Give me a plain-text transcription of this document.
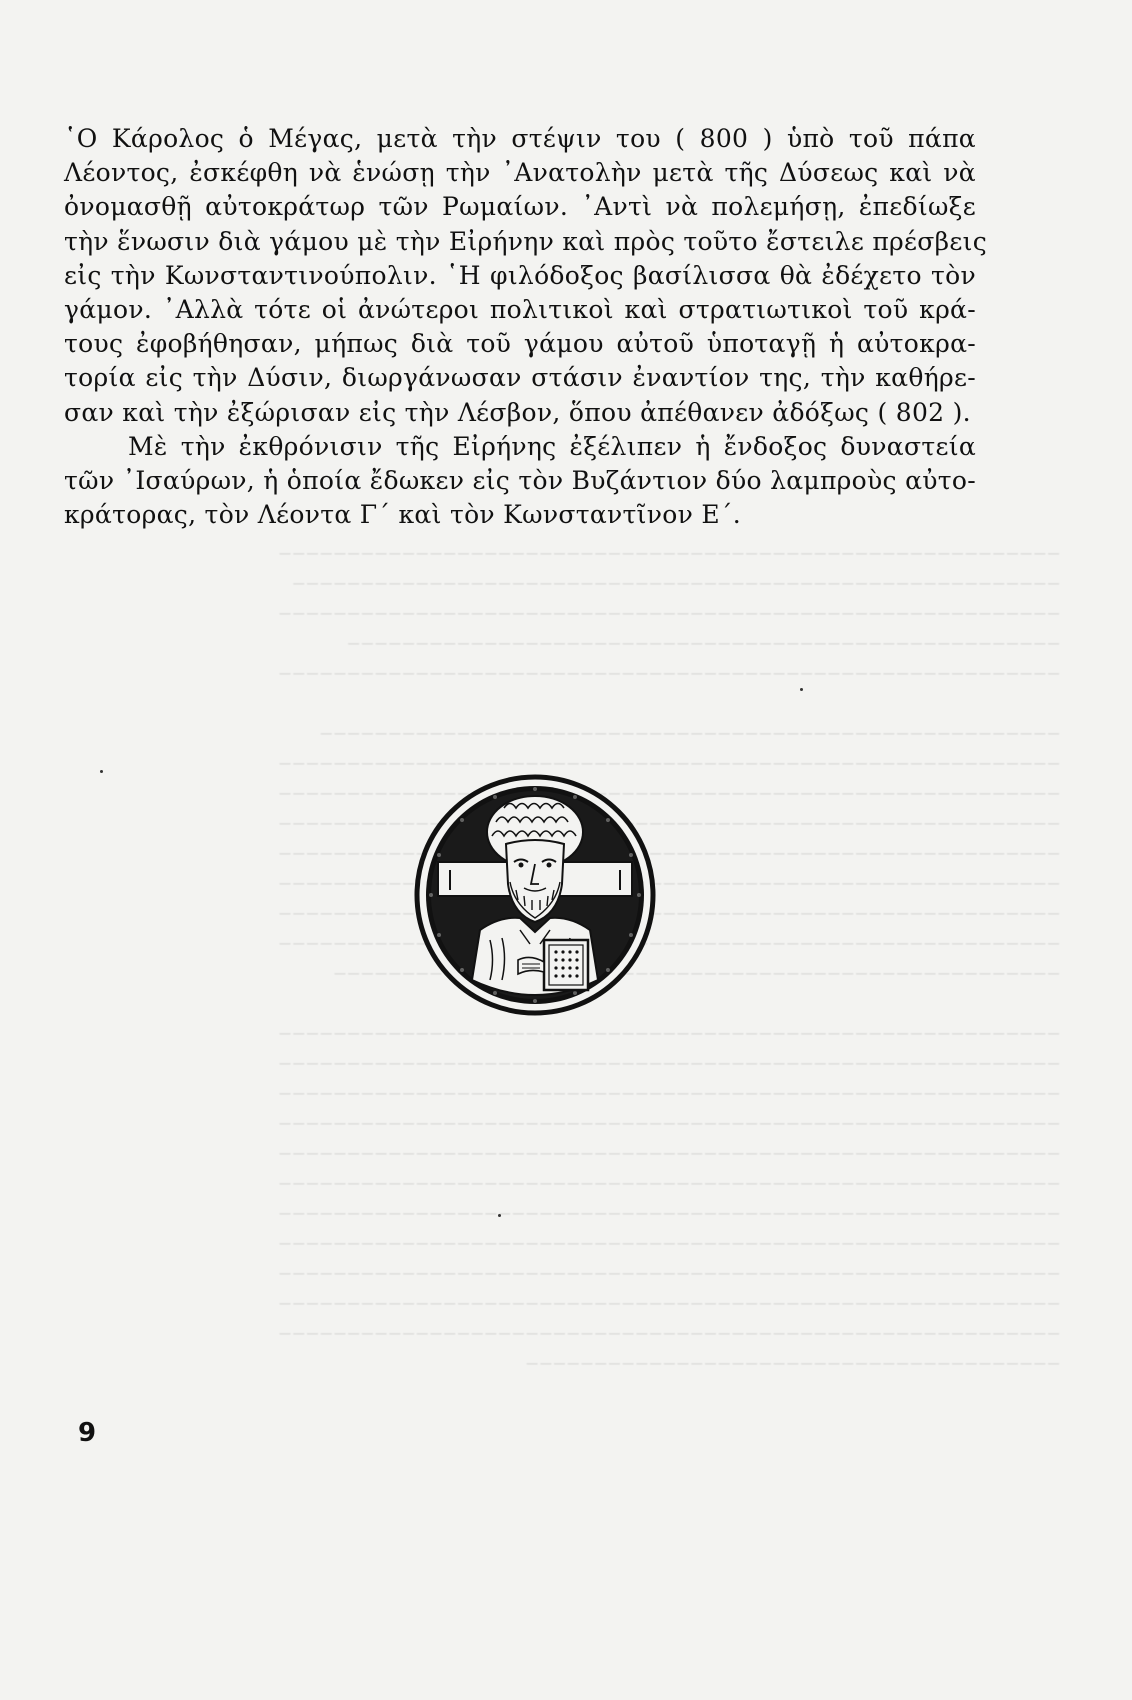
‒‒‒‒‒‒‒‒‒‒‒‒‒‒‒‒‒‒‒‒‒‒‒‒‒‒‒‒‒‒‒‒‒‒‒‒‒‒‒‒‒‒‒‒‒‒‒‒‒‒‒‒‒‒‒‒‒
‒‒‒‒‒‒‒‒‒‒‒‒‒‒‒‒‒‒‒‒‒‒‒‒‒‒‒‒‒‒‒‒‒‒‒‒‒‒‒‒‒‒‒‒‒‒‒‒‒‒‒‒‒‒‒‒
‒‒‒‒‒‒‒‒‒‒‒‒‒‒‒‒‒‒‒‒‒‒‒‒‒‒‒‒‒‒‒‒‒‒‒‒‒‒‒‒‒‒‒‒‒‒‒‒‒‒‒‒‒‒‒‒‒
‒‒‒‒‒‒‒‒‒‒‒‒‒‒‒‒‒‒‒‒‒‒‒‒‒‒‒‒‒‒‒‒‒‒‒‒‒‒‒‒‒‒‒‒‒‒‒‒‒‒‒‒
‒‒‒‒‒‒‒‒‒‒‒‒‒‒‒‒‒‒‒‒‒‒‒‒‒‒‒‒‒‒‒‒‒‒‒‒‒‒‒‒‒‒‒‒‒‒‒‒‒‒‒‒‒‒‒‒‒

‒‒‒‒‒‒‒‒‒‒‒‒‒‒‒‒‒‒‒‒‒‒‒‒‒‒‒‒‒‒‒‒‒‒‒‒‒‒‒‒‒‒‒‒‒‒‒‒‒‒‒‒‒‒
‒‒‒‒‒‒‒‒‒‒‒‒‒‒‒‒‒‒‒‒‒‒‒‒‒‒‒‒‒‒‒‒‒‒‒‒‒‒‒‒‒‒‒‒‒‒‒‒‒‒‒‒‒‒‒‒‒
‒‒‒‒‒‒‒‒‒‒‒‒‒‒‒‒‒‒‒‒‒‒‒‒‒‒‒‒‒‒‒‒‒‒‒‒‒‒‒‒‒‒‒‒‒‒‒‒‒‒‒‒‒‒‒‒‒
‒‒‒‒‒‒‒‒‒‒‒‒‒‒‒‒‒‒‒‒‒‒‒‒‒‒‒‒‒‒‒‒‒‒‒‒‒‒‒‒‒‒‒‒‒‒‒‒‒‒‒‒‒‒‒‒‒
‒‒‒‒‒‒‒‒‒‒‒‒‒‒‒‒‒‒‒‒‒‒‒‒‒‒‒‒‒‒‒‒‒‒‒‒‒‒‒‒‒‒‒‒‒‒‒‒‒‒‒‒‒‒‒‒‒
‒‒‒‒‒‒‒‒‒‒‒‒‒‒‒‒‒‒‒‒‒‒‒‒‒‒‒‒‒‒‒‒‒‒‒‒‒‒‒‒‒‒‒‒‒‒‒‒‒‒‒‒‒‒‒‒‒
‒‒‒‒‒‒‒‒‒‒‒‒‒‒‒‒‒‒‒‒‒‒‒‒‒‒‒‒‒‒‒‒‒‒‒‒‒‒‒‒‒‒‒‒‒‒‒‒‒‒‒‒‒‒‒‒‒
‒‒‒‒‒‒‒‒‒‒‒‒‒‒‒‒‒‒‒‒‒‒‒‒‒‒‒‒‒‒‒‒‒‒‒‒‒‒‒‒‒‒‒‒‒‒‒‒‒‒‒‒‒‒‒‒‒
‒‒‒‒‒‒‒‒‒‒‒‒‒‒‒‒‒‒‒‒‒‒‒‒‒‒‒‒‒‒‒‒‒‒‒‒‒‒‒‒‒‒‒‒‒‒‒‒‒‒‒‒‒

‒‒‒‒‒‒‒‒‒‒‒‒‒‒‒‒‒‒‒‒‒‒‒‒‒‒‒‒‒‒‒‒‒‒‒‒‒‒‒‒‒‒‒‒‒‒‒‒‒‒‒‒‒‒‒‒‒
‒‒‒‒‒‒‒‒‒‒‒‒‒‒‒‒‒‒‒‒‒‒‒‒‒‒‒‒‒‒‒‒‒‒‒‒‒‒‒‒‒‒‒‒‒‒‒‒‒‒‒‒‒‒‒‒‒
‒‒‒‒‒‒‒‒‒‒‒‒‒‒‒‒‒‒‒‒‒‒‒‒‒‒‒‒‒‒‒‒‒‒‒‒‒‒‒‒‒‒‒‒‒‒‒‒‒‒‒‒‒‒‒‒‒
‒‒‒‒‒‒‒‒‒‒‒‒‒‒‒‒‒‒‒‒‒‒‒‒‒‒‒‒‒‒‒‒‒‒‒‒‒‒‒‒‒‒‒‒‒‒‒‒‒‒‒‒‒‒‒‒‒
‒‒‒‒‒‒‒‒‒‒‒‒‒‒‒‒‒‒‒‒‒‒‒‒‒‒‒‒‒‒‒‒‒‒‒‒‒‒‒‒‒‒‒‒‒‒‒‒‒‒‒‒‒‒‒‒‒
‒‒‒‒‒‒‒‒‒‒‒‒‒‒‒‒‒‒‒‒‒‒‒‒‒‒‒‒‒‒‒‒‒‒‒‒‒‒‒‒‒‒‒‒‒‒‒‒‒‒‒‒‒‒‒‒‒
‒‒‒‒‒‒‒‒‒‒‒‒‒‒‒‒‒‒‒‒‒‒‒‒‒‒‒‒‒‒‒‒‒‒‒‒‒‒‒‒‒‒‒‒‒‒‒‒‒‒‒‒‒‒‒‒‒
‒‒‒‒‒‒‒‒‒‒‒‒‒‒‒‒‒‒‒‒‒‒‒‒‒‒‒‒‒‒‒‒‒‒‒‒‒‒‒‒‒‒‒‒‒‒‒‒‒‒‒‒‒‒‒‒‒
‒‒‒‒‒‒‒‒‒‒‒‒‒‒‒‒‒‒‒‒‒‒‒‒‒‒‒‒‒‒‒‒‒‒‒‒‒‒‒‒‒‒‒‒‒‒‒‒‒‒‒‒‒‒‒‒‒
‒‒‒‒‒‒‒‒‒‒‒‒‒‒‒‒‒‒‒‒‒‒‒‒‒‒‒‒‒‒‒‒‒‒‒‒‒‒‒‒‒‒‒‒‒‒‒‒‒‒‒‒‒‒‒‒‒
‒‒‒‒‒‒‒‒‒‒‒‒‒‒‒‒‒‒‒‒‒‒‒‒‒‒‒‒‒‒‒‒‒‒‒‒‒‒‒‒‒‒‒‒‒‒‒‒‒‒‒‒‒‒‒‒‒
‒‒‒‒‒‒‒‒‒‒‒‒‒‒‒‒‒‒‒‒‒‒‒‒‒‒‒‒‒‒‒‒‒‒‒‒‒‒‒
῾Ο Κάρολος ὁ Μέγας, μετὰ τὴν στέψιν του ( 800 ) ὑπὸ τοῦ πάπα
Λέοντος, ἐσκέφθη νὰ ἑνώσῃ τὴν ᾿Ανατολὴν μετὰ τῆς Δύσεως καὶ νὰ
ὀνομασθῇ αὐτοκράτωρ τῶν Ρωμαίων. ᾿Αντὶ νὰ πολεμήσῃ, ἐπεδίωξε
τὴν ἕνωσιν διὰ γάμου μὲ τὴν Εἰρήνην καὶ πρὸς τοῦτο ἔστειλε πρέσβεις
εἰς τὴν Κωνσταντινούπολιν. ῾Η φιλόδοξος βασίλισσα θὰ ἐδέχετο τὸν
γάμον. ᾿Αλλὰ τότε οἱ ἀνώτεροι πολιτικοὶ καὶ στρατιωτικοὶ τοῦ κρά-
τους ἐφοβήθησαν, μήπως διὰ τοῦ γάμου αὐτοῦ ὑποταγῇ ἡ αὐτοκρα-
τορία εἰς τὴν Δύσιν, διωργάνωσαν στάσιν ἐναντίον της, τὴν καθήρε-
σαν καὶ τὴν ἐξώρισαν εἰς τὴν Λέσβον, ὅπου ἀπέθανεν ἀδόξως ( 802 ).
Μὲ τὴν ἐκθρόνισιν τῆς Εἰρήνης ἐξέλιπεν ἡ ἔνδοξος δυναστεία
τῶν ᾿Ισαύρων, ἡ ὁποία ἔδωκεν εἰς τὸν Βυζάντιον δύο λαμπροὺς αὐτο-
κράτορας, τὸν Λέοντα Γ΄ καὶ τὸν Κωνσταντῖνον Ε΄.
9
